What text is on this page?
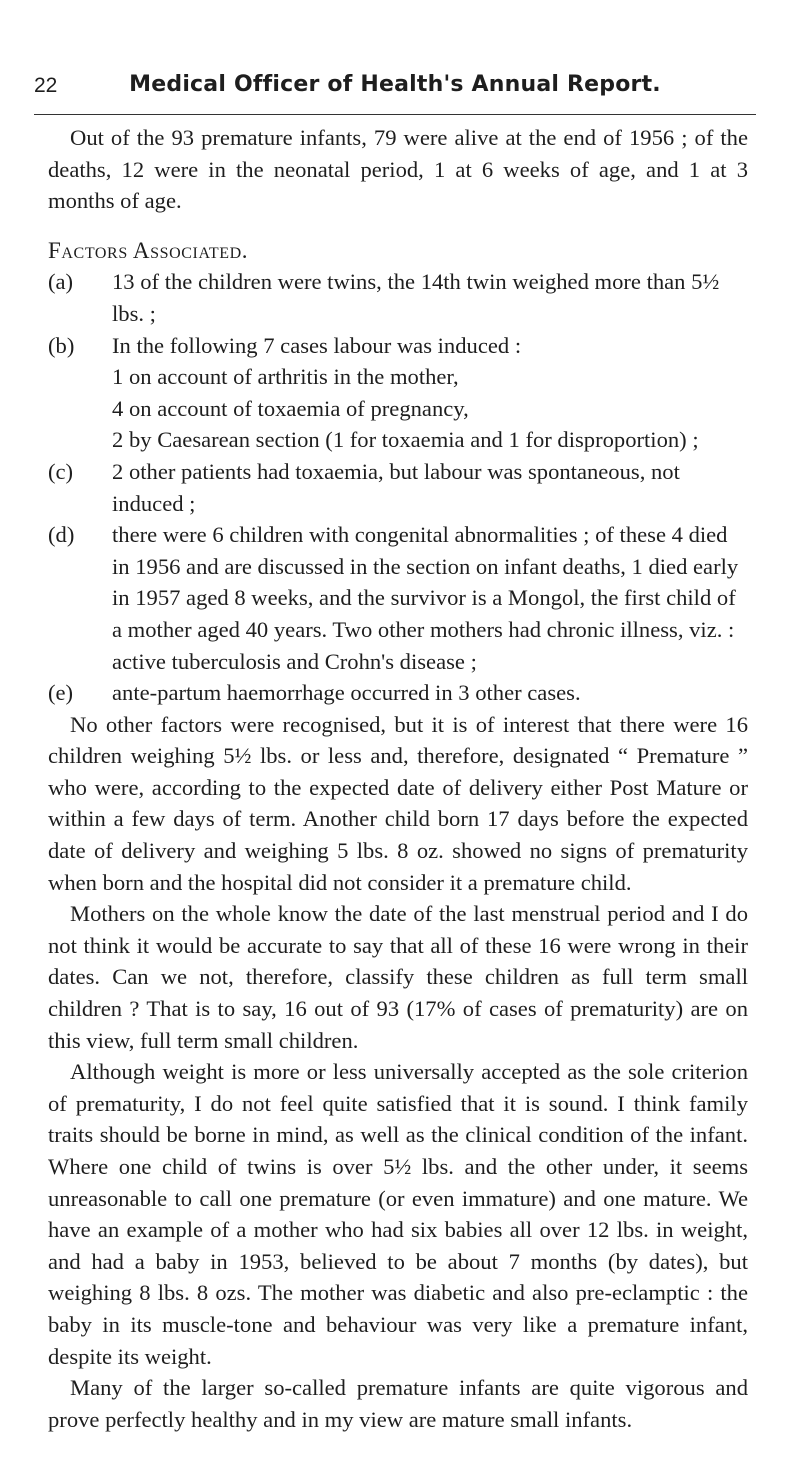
22	Medical Officer of Health's Annual Report.

Out of the 93 premature infants, 79 were alive at the end of 1956 ; of the deaths, 12 were in the neonatal period, 1 at 6 weeks of age, and 1 at 3 months of age.

Factors Associated.

(a) 13 of the children were twins, the 14th twin weighed more than 5½ lbs. ;
(b) In the following 7 cases labour was induced :
1 on account of arthritis in the mother,
4 on account of toxaemia of pregnancy,
2 by Caesarean section (1 for toxaemia and 1 for disproportion) ;
(c) 2 other patients had toxaemia, but labour was spontaneous, not induced ;
(d) there were 6 children with congenital abnormalities ; of these 4 died in 1956 and are discussed in the section on infant deaths, 1 died early in 1957 aged 8 weeks, and the survivor is a Mongol, the first child of a mother aged 40 years. Two other mothers had chronic illness, viz. : active tuberculosis and Crohn's disease ;
(e) ante-partum haemorrhage occurred in 3 other cases.

No other factors were recognised, but it is of interest that there were 16 children weighing 5½ lbs. or less and, therefore, designated “ Premature ” who were, according to the expected date of delivery either Post Mature or within a few days of term. Another child born 17 days before the expected date of delivery and weighing 5 lbs. 8 oz. showed no signs of prematurity when born and the hospital did not consider it a premature child.

Mothers on the whole know the date of the last menstrual period and I do not think it would be accurate to say that all of these 16 were wrong in their dates. Can we not, therefore, classify these children as full term small children ? That is to say, 16 out of 93 (17% of cases of prematurity) are on this view, full term small children.

Although weight is more or less universally accepted as the sole criterion of prematurity, I do not feel quite satisfied that it is sound. I think family traits should be borne in mind, as well as the clinical condition of the infant. Where one child of twins is over 5½ lbs. and the other under, it seems unreasonable to call one premature (or even immature) and one mature. We have an example of a mother who had six babies all over 12 lbs. in weight, and had a baby in 1953, believed to be about 7 months (by dates), but weighing 8 lbs. 8 ozs. The mother was diabetic and also pre-eclamptic : the baby in its muscle-tone and behaviour was very like a premature infant, despite its weight.

Many of the larger so-called premature infants are quite vigorous and prove perfectly healthy and in my view are mature small infants.
